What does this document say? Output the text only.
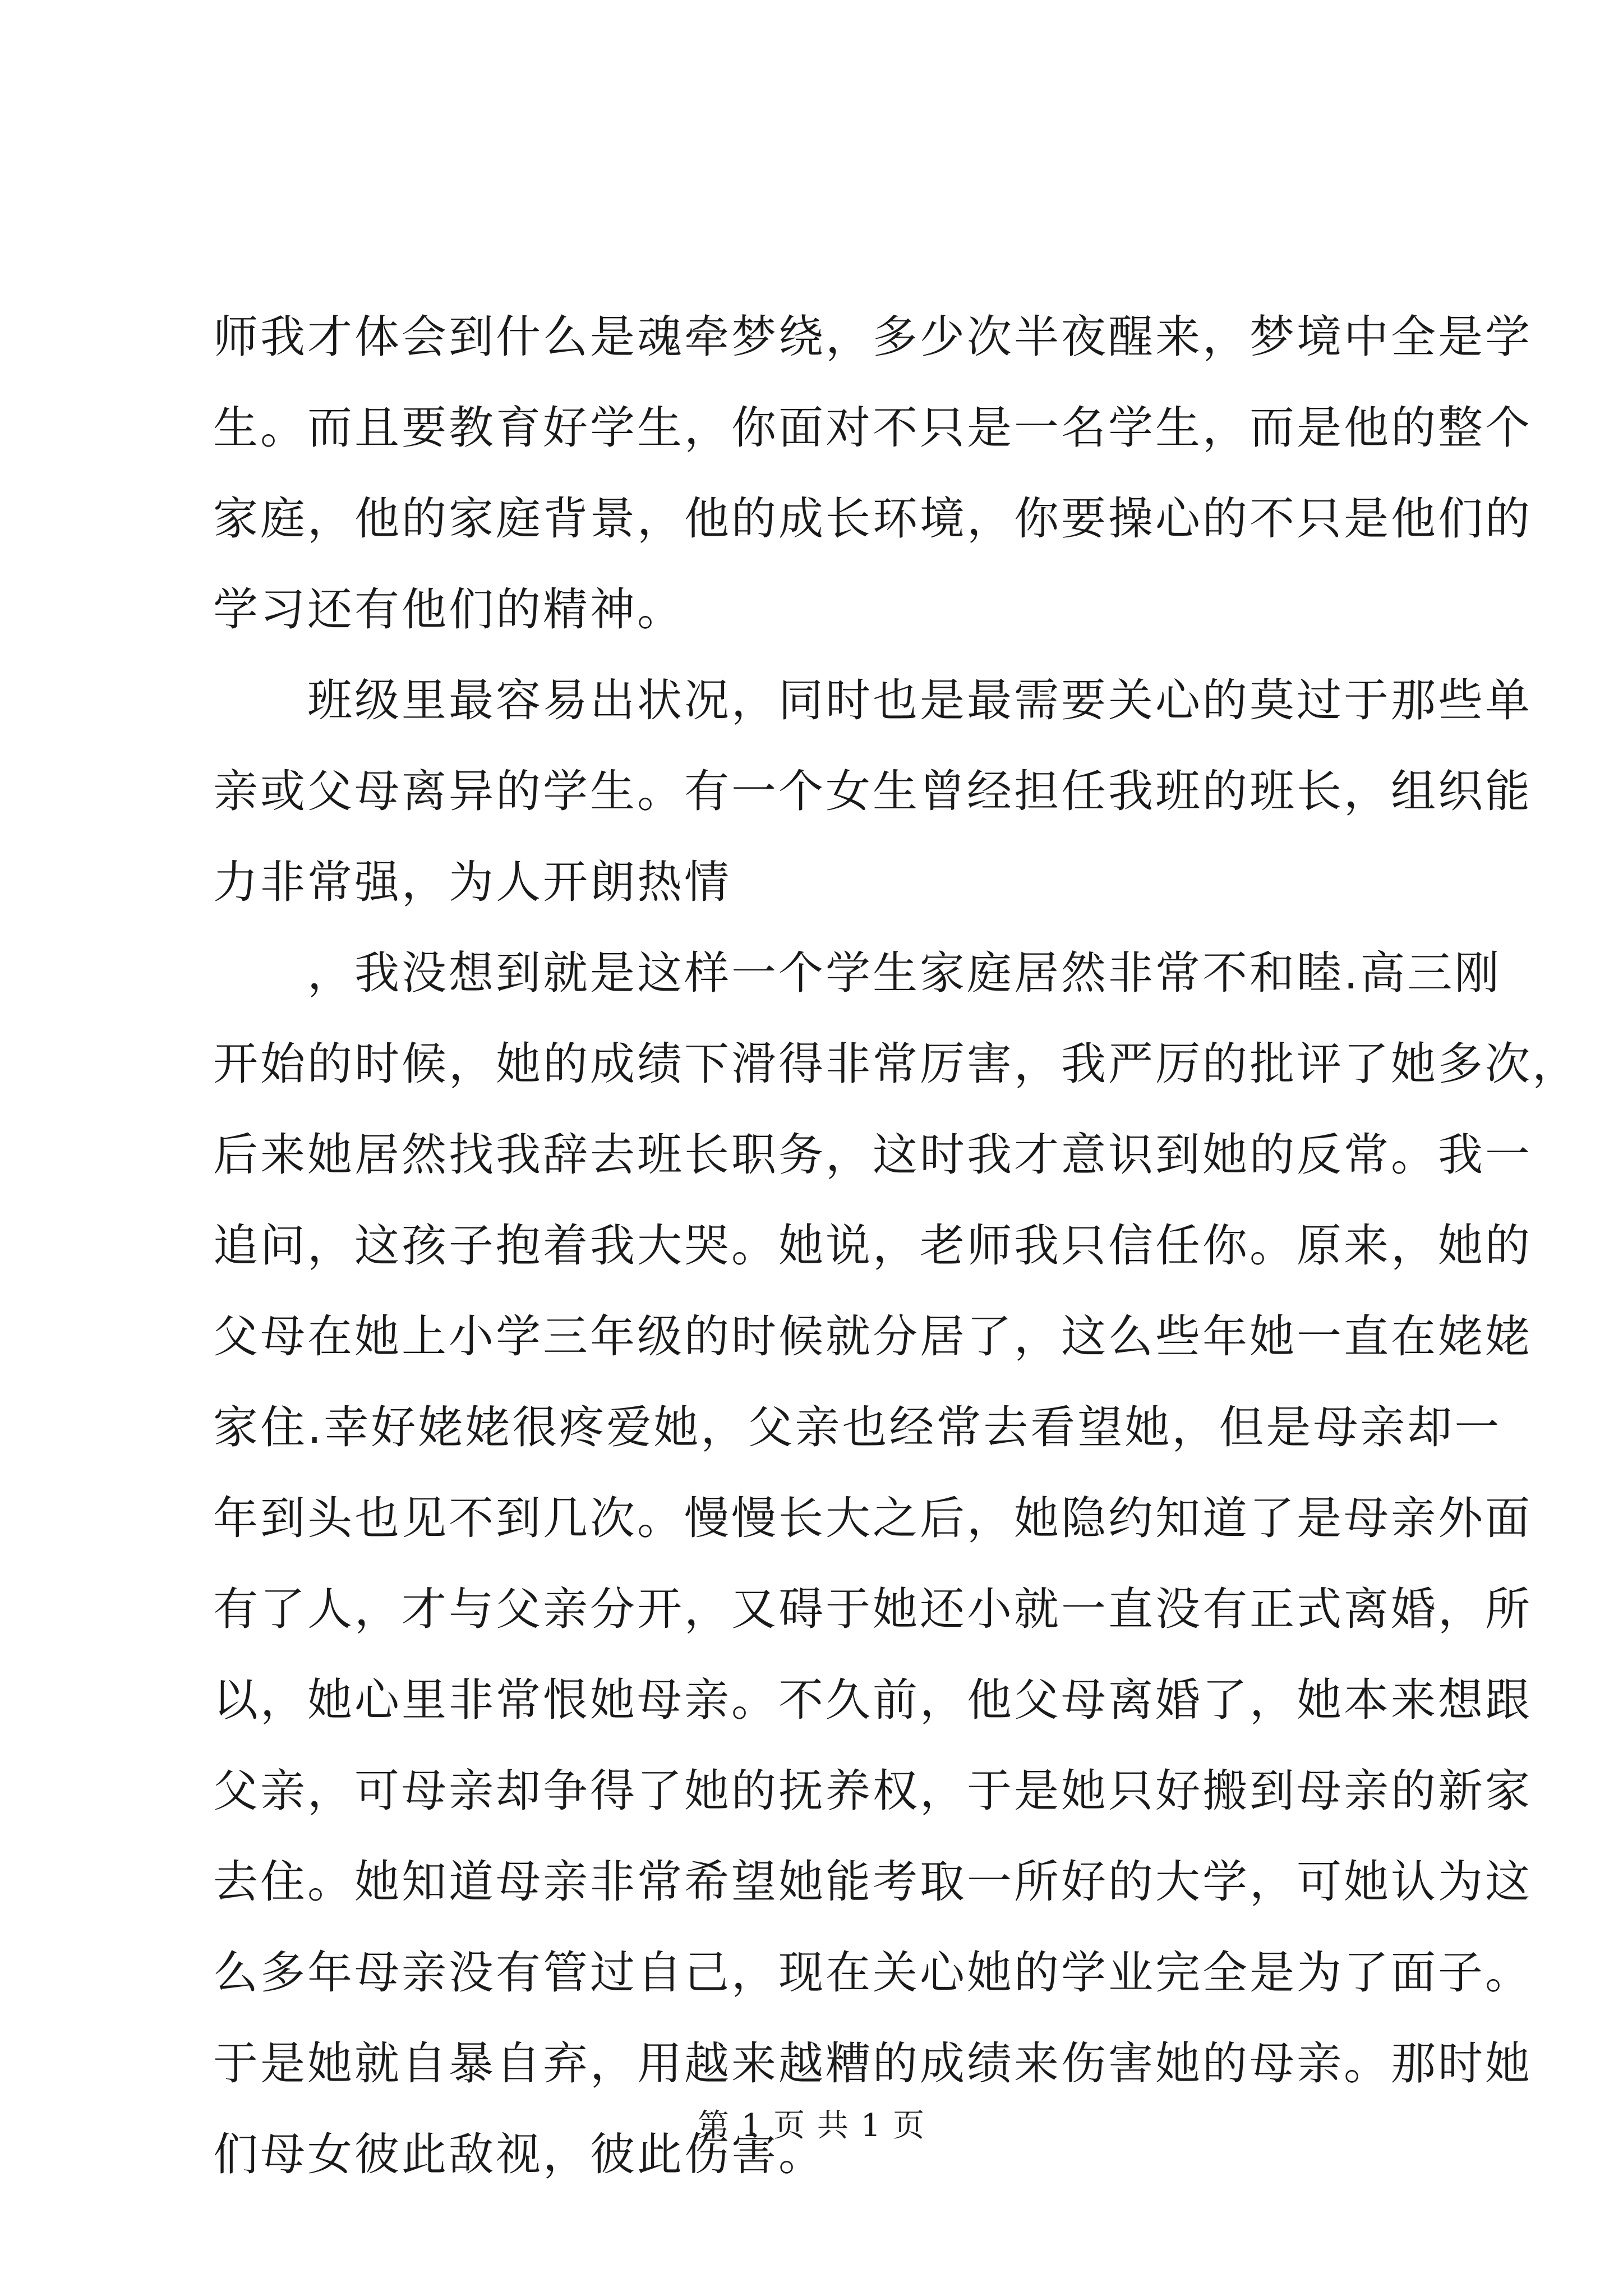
师我才体会到什么是魂牵梦绕，多少次半夜醒来，梦境中全是学
生。而且要教育好学生，你面对不只是一名学生，而是他的整个
家庭，他的家庭背景，他的成长环境，你要操心的不只是他们的
学习还有他们的精神。
　　班级里最容易出状况，同时也是最需要关心的莫过于那些单
亲或父母离异的学生。有一个女生曾经担任我班的班长，组织能
力非常强，为人开朗热情
　　，我没想到就是这样一个学生家庭居然非常不和睦.高三刚
开始的时候，她的成绩下滑得非常厉害，我严厉的批评了她多次，
后来她居然找我辞去班长职务，这时我才意识到她的反常。我一
追问，这孩子抱着我大哭。她说，老师我只信任你。原来，她的
父母在她上小学三年级的时候就分居了，这么些年她一直在姥姥
家住.幸好姥姥很疼爱她，父亲也经常去看望她，但是母亲却一
年到头也见不到几次。慢慢长大之后，她隐约知道了是母亲外面
有了人，才与父亲分开，又碍于她还小就一直没有正式离婚，所
以，她心里非常恨她母亲。不久前，他父母离婚了，她本来想跟
父亲，可母亲却争得了她的抚养权，于是她只好搬到母亲的新家
去住。她知道母亲非常希望她能考取一所好的大学，可她认为这
么多年母亲没有管过自己，现在关心她的学业完全是为了面子。
于是她就自暴自弃，用越来越糟的成绩来伤害她的母亲。那时她
们母女彼此敌视，彼此伤害。
第 1 页 共 1 页
